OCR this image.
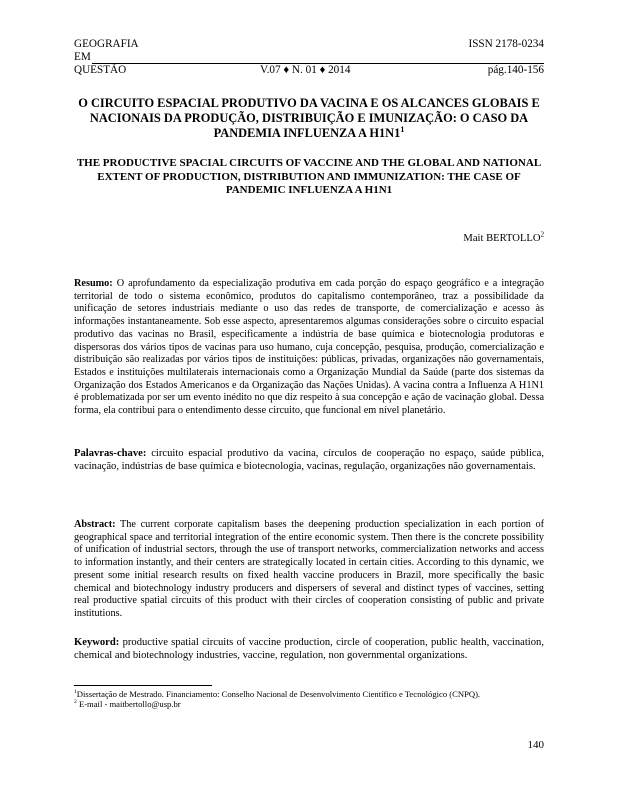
GEOGRAFIA	ISSN 2178-0234
EM
QUESTÃO	V.07 ♦ N. 01 ♦ 2014	pág.140-156
O CIRCUITO ESPACIAL PRODUTIVO DA VACINA E OS ALCANCES GLOBAIS E NACIONAIS DA PRODUÇÃO, DISTRIBUIÇÃO E IMUNIZAÇÃO: O CASO DA PANDEMIA INFLUENZA A $H1N1^1$
THE PRODUCTIVE SPACIAL CIRCUITS OF VACCINE AND THE GLOBAL AND NATIONAL EXTENT OF PRODUCTION, DISTRIBUTION AND IMMUNIZATION: THE CASE OF PANDEMIC INFLUENZA A H1N1
Mait BERTOLLO$^2$
Resumo: O aprofundamento da especialização produtiva em cada porção do espaço geográfico e a integração territorial de todo o sistema econômico, produtos do capitalismo contemporâneo, traz a possibilidade da unificação de setores industriais mediante o uso das redes de transporte, de comercialização e acesso às informações instantaneamente. Sob esse aspecto, apresentaremos algumas considerações sobre o circuito espacial produtivo das vacinas no Brasil, especificamente a indústria de base química e biotecnologia produtoras e dispersoras dos vários tipos de vacinas para uso humano, cuja concepção, pesquisa, produção, comercialização e distribuição são realizadas por vários tipos de instituições: públicas, privadas, organizações não governamentais, Estados e instituições multilaterais internacionais como a Organização Mundial da Saúde (parte dos sistemas da Organização dos Estados Americanos e da Organização das Nações Unidas). A vacina contra a Influenza A H1N1 é problematizada por ser um evento inédito no que diz respeito à sua concepção e ação de vacinação global. Dessa forma, ela contribui para o entendimento desse circuito, que funcional em nível planetário.
Palavras-chave: circuito espacial produtivo da vacina, círculos de cooperação no espaço, saúde pública, vacinação, indústrias de base química e biotecnologia, vacinas, regulação, organizações não governamentais.
Abstract: The current corporate capitalism bases the deepening production specialization in each portion of geographical space and territorial integration of the entire economic system. Then there is the concrete possibility of unification of industrial sectors, through the use of transport networks, commercialization networks and access to information instantly, and their centers are strategically located in certain cities. According to this dynamic, we present some initial research results on fixed health vaccine producers in Brazil, more specifically the basic chemical and biotechnology industry producers and dispersers of several and distinct types of vaccines, setting real productive spatial circuits of this product with their circles of cooperation consisting of public and private institutions.
Keyword: productive spatial circuits of vaccine production, circle of cooperation, public health, vaccination, chemical and biotechnology industries, vaccine, regulation, non governmental organizations.
$^1$Dissertação de Mestrado. Financiamento: Conselho Nacional de Desenvolvimento Científico e Tecnológico (CNPQ).
$^2$ E-mail - maitbertollo@usp.br
140
